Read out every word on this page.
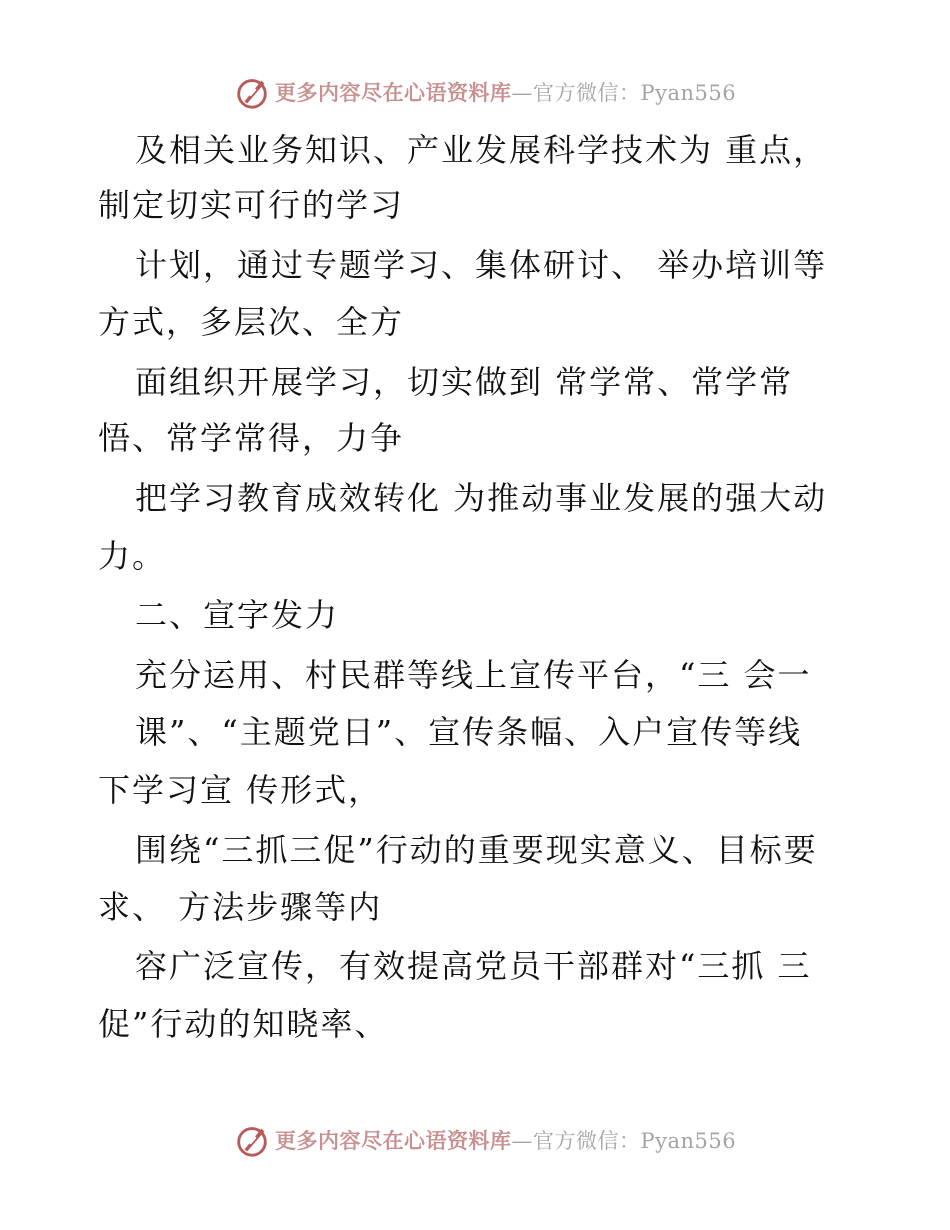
更多内容尽在心语资料库—官方微信：Pyan556
及相关业务知识、产业发展科学技术为 重点，
制定切实可行的学习
计划，通过专题学习、集体研讨、 举办培训等
方式，多层次、全方
面组织开展学习，切实做到 常学常、常学常
悟、常学常得，力争
把学习教育成效转化 为推动事业发展的强大动
力。
二、宣字发力
充分运用、村民群等线上宣传平台，“三 会一
课”、“主题党日”、宣传条幅、入户宣传等线
下学习宣 传形式，
围绕“三抓三促”行动的重要现实意义、目标要
求、 方法步骤等内
容广泛宣传，有效提高党员干部群对“三抓 三
促”行动的知晓率、
更多内容尽在心语资料库—官方微信：Pyan556
